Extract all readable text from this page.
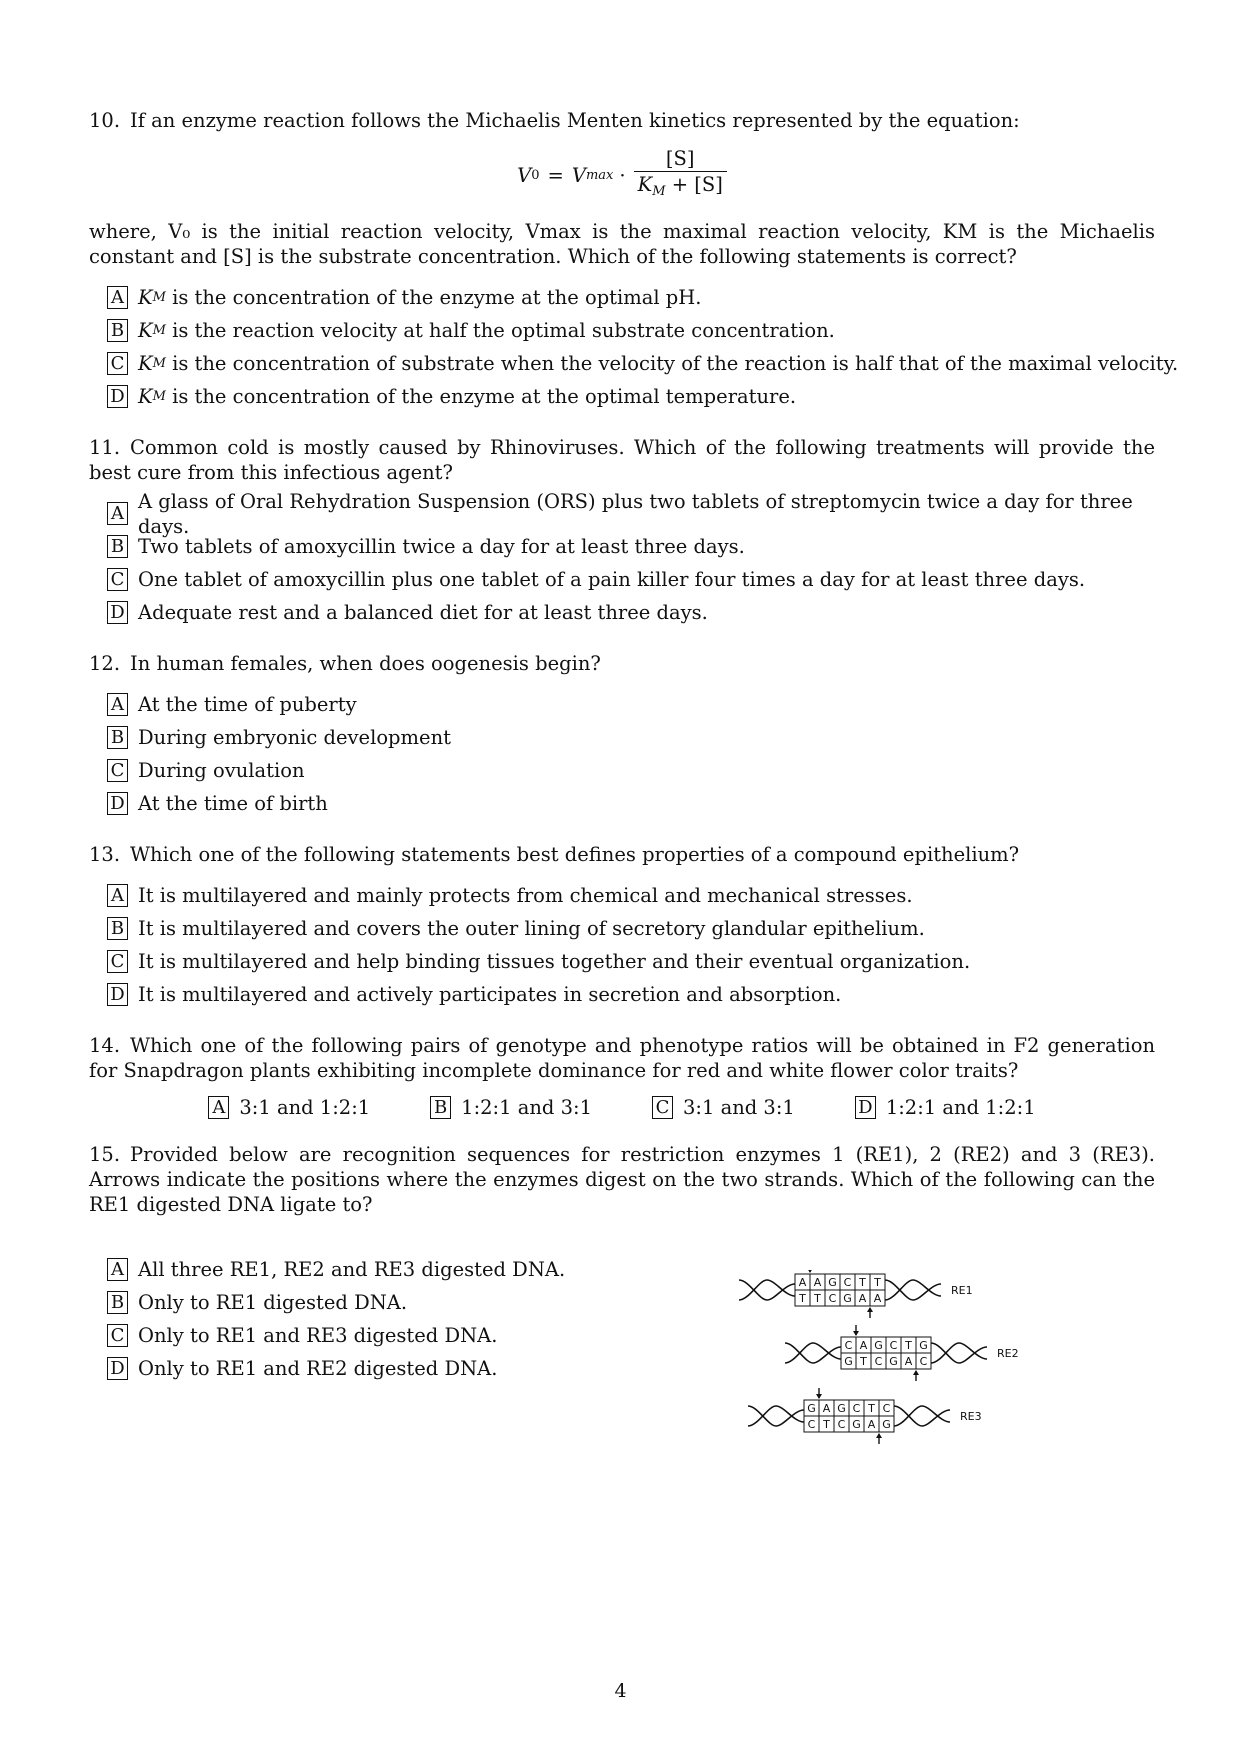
10. If an enzyme reaction follows the Michaelis Menten kinetics represented by the equation:

V 0 = V $\max \cdot \frac{[S]}{K_M + [S]}$

where, V₀ is the initial reaction velocity, Vmax is the maximal reaction velocity, KM is the Michaelis constant and [S] is the substrate concentration. Which of the following statements is correct?

A K M is the concentration of the enzyme at the optimal pH.
B K M is the reaction velocity at half the optimal substrate concentration.
C K M is the concentration of substrate when the velocity of the reaction is half that of the maximal velocity.
D K M is the concentration of the enzyme at the optimal temperature.

11. Common cold is mostly caused by Rhinoviruses. Which of the following treatments will provide the best cure from this infectious agent?

A
A glass of Oral Rehydration Suspension (ORS) plus two tablets of streptomycin twice a day for three days.
B Two tablets of amoxycillin twice a day for at least three days.
C One tablet of amoxycillin plus one tablet of a pain killer four times a day for at least three days.
D Adequate rest and a balanced diet for at least three days.

12. In human females, when does oogenesis begin?

A At the time of puberty
B During embryonic development
C During ovulation
D At the time of birth

13. Which one of the following statements best defines properties of a compound epithelium?

A It is multilayered and mainly protects from chemical and mechanical stresses.
B It is multilayered and covers the outer lining of secretory glandular epithelium.
C It is multilayered and help binding tissues together and their eventual organization.
D It is multilayered and actively participates in secretion and absorption.

14. Which one of the following pairs of genotype and phenotype ratios will be obtained in F2 generation for Snapdragon plants exhibiting incomplete dominance for red and white flower color traits?

A 3:1 and 1:2:1	B 1:2:1 and 3:1	C 3:1 and 3:1	D 1:2:1 and 1:2:1

15. Provided below are recognition sequences for restriction enzymes 1 (RE1), 2 (RE2) and 3 (RE3). Arrows indicate the positions where the enzymes digest on the two strands. Which of the following can the RE1 digested DNA ligate to?

A All three RE1, RE2 and RE3 digested DNA.
B Only to RE1 digested DNA.
C Only to RE1 and RE3 digested DNA.
D Only to RE1 and RE2 digested DNA.
A A G C T T
T T C G A A
RE1
C A G C T G
G T C G A C
RE2
G A G C T C
C T C G A G
RE3
4
